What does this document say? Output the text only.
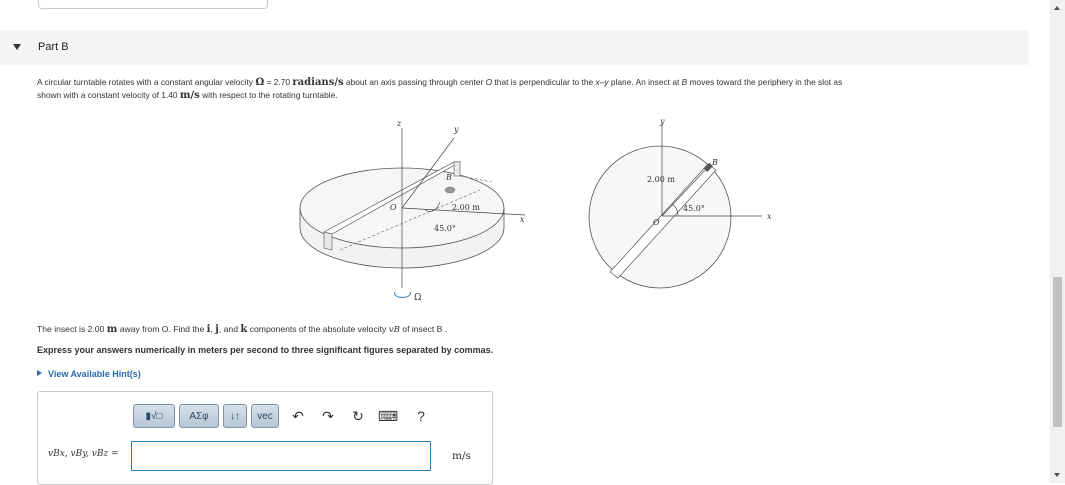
Part B
A circular turntable rotates with a constant angular velocity Ω = 2.70 radians/s about an axis passing through center O that is perpendicular to the x–y plane. An insect at B moves toward the periphery in the slot as
shown with a constant velocity of 1.40 m/s with respect to the rotating turntable.
z
y
x
O
B
2.00 m
45.0°
Ω
y
x
O
B
2.00 m
45.0°
The insect is 2.00 m away from O. Find the i, j, and k components of the absolute velocity vB of insect B .
Express your answers numerically in meters per second to three significant figures separated by commas.
View Available Hint(s)
▮√□	ΑΣφ	↓↑	vec	↶ ↷ ↻ ⌨	?
vBx, vBy, vBz =	m/s
